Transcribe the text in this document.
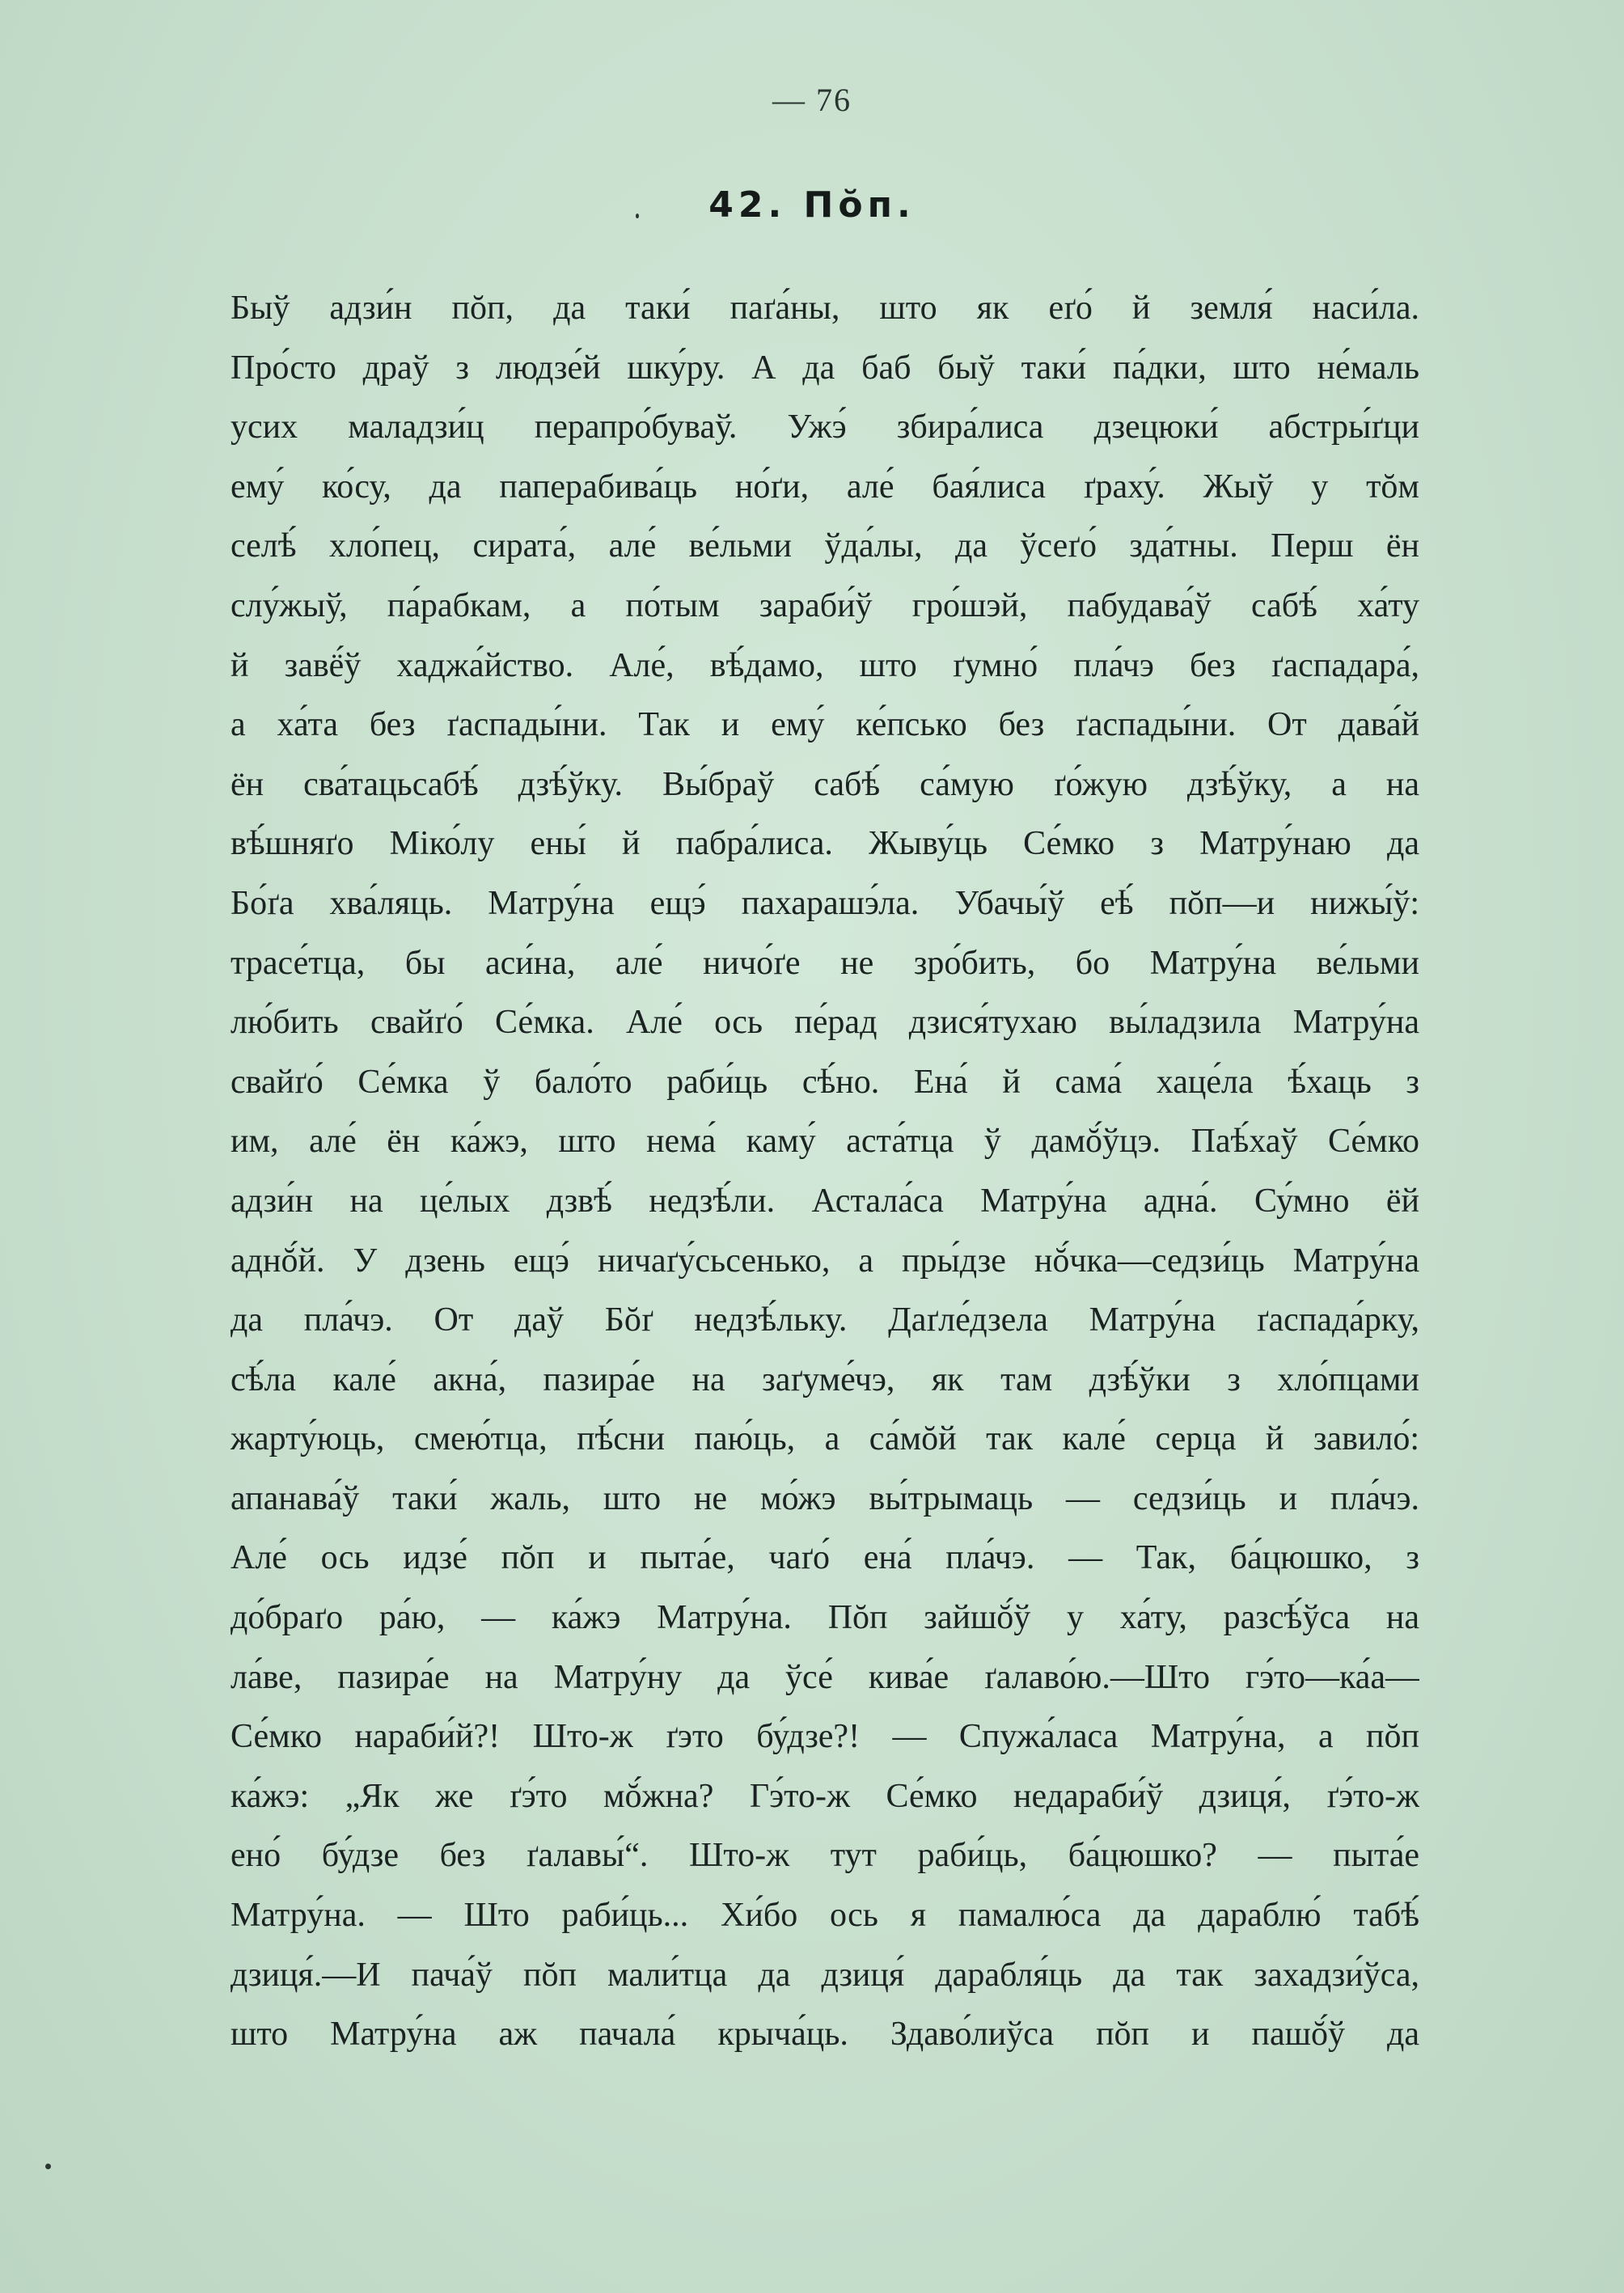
— 76
42. Пŏп.
Быў адзи́н пŏп, да таки́ паґа́ны, што як еґо́ й земля́ наси́ла.
Про́сто драў з людзе́й шку́ру. А да баб быў таки́ па́дки, што не́маль
усих маладзи́ц перапро́буваў. Ужэ́ збира́лиса дзецюки́ абстры́ґци
ему́ ко́су, да паперабива́ць но́ґи, але́ бая́лиса ґраху́. Жыў у тŏм
селѣ́ хло́пец, сирата́, але́ ве́льми ўда́лы, да ўсеґо́ зда́тны. Перш ён
слу́жыў, па́рабкам, а по́тым зараби́ў гро́шэй, пабудава́ў сабѣ́ ха́ту
й завё́ў хаджа́йство. Але́, вѣ́дамо, што ґумно́ пла́чэ без ґаспадара́,
а ха́та без ґаспады́ни. Так и ему́ ке́псько без ґаспады́ни. От дава́й
ён сва́тацьсабѣ́ дзѣ́ўку. Вы́браў сабѣ́ са́мую ґо́жую дзѣ́ўку, а на
вѣ́шняґо Міко́лу ены́ й пабра́лиса. Жыву́ць Се́мко з Матру́наю да
Бо́ґа хва́ляць. Матру́на ещэ́ пахарашэ́ла. Убачы́ў еѣ́ пŏп—и нижы́ў:
трасе́тца, бы аси́на, але́ ничо́ґе не зро́бить, бо Матру́на ве́льми
лю́бить свайґо́ Се́мка. Але́ ось пе́рад дзися́тухаю вы́ладзила Матру́на
свайґо́ Се́мка ў бало́то раби́ць сѣ́но. Ена́ й сама́ хаце́ла ѣ́хаць з
им, але́ ён ка́жэ, што нема́ каму́ аста́тца ў дамŏ́ўцэ. Паѣ́хаў Се́мко
адзи́н на це́лых дзвѣ́ недзѣ́ли. Астала́са Матру́на адна́. Су́мно ёй
аднŏ́й. У дзень ещэ́ ничаґу́сьсенько, а пры́дзе нŏ́чка—седзи́ць Матру́на
да пла́чэ. От даў Бŏґ недзѣ́льку. Даґле́дзела Матру́на ґаспада́рку,
сѣ́ла кале́ акна́, пазира́е на заґуме́чэ, як там дзѣ́ўки з хло́пцами
жарту́юць, смею́тца, пѣ́сни паю́ць, а са́мŏй так кале́ серца й завило́:
апанава́ў таки́ жаль, што не мо́жэ вы́трымаць — седзи́ць и пла́чэ.
Але́ ось идзе́ пŏп и пыта́е, чаґо́ ена́ пла́чэ. — Так, ба́цюшко, з
до́браґо ра́ю, — ка́жэ Матру́на. Пŏп зайшŏ́ў у ха́ту, разсѣ́ўса на
ла́ве, пазира́е на Матру́ну да ўсе́ кива́е ґалаво́ю.—Што гэ́то—ка́а—
Се́мко нараби́й?! Што-ж ґэто бу́дзе?! — Спужа́ласа Матру́на, а пŏп
ка́жэ: „Як же ґэ́то мŏ́жна? Гэ́то-ж Се́мко недараби́ў дзиця́, ґэ́то-ж
ено́ бу́дзе без ґалавы́“. Што-ж тут раби́ць, ба́цюшко? — пыта́е
Матру́на. — Што раби́ць... Хи́бо ось я памалю́са да дараблю́ табѣ́
дзиця́.—И пача́ў пŏп мали́тца да дзиця́ дарабля́ць да так захадзи́ўса,
што Матру́на аж пачала́ крыча́ць. Здаво́лиўса пŏп и пашŏ́ў да
